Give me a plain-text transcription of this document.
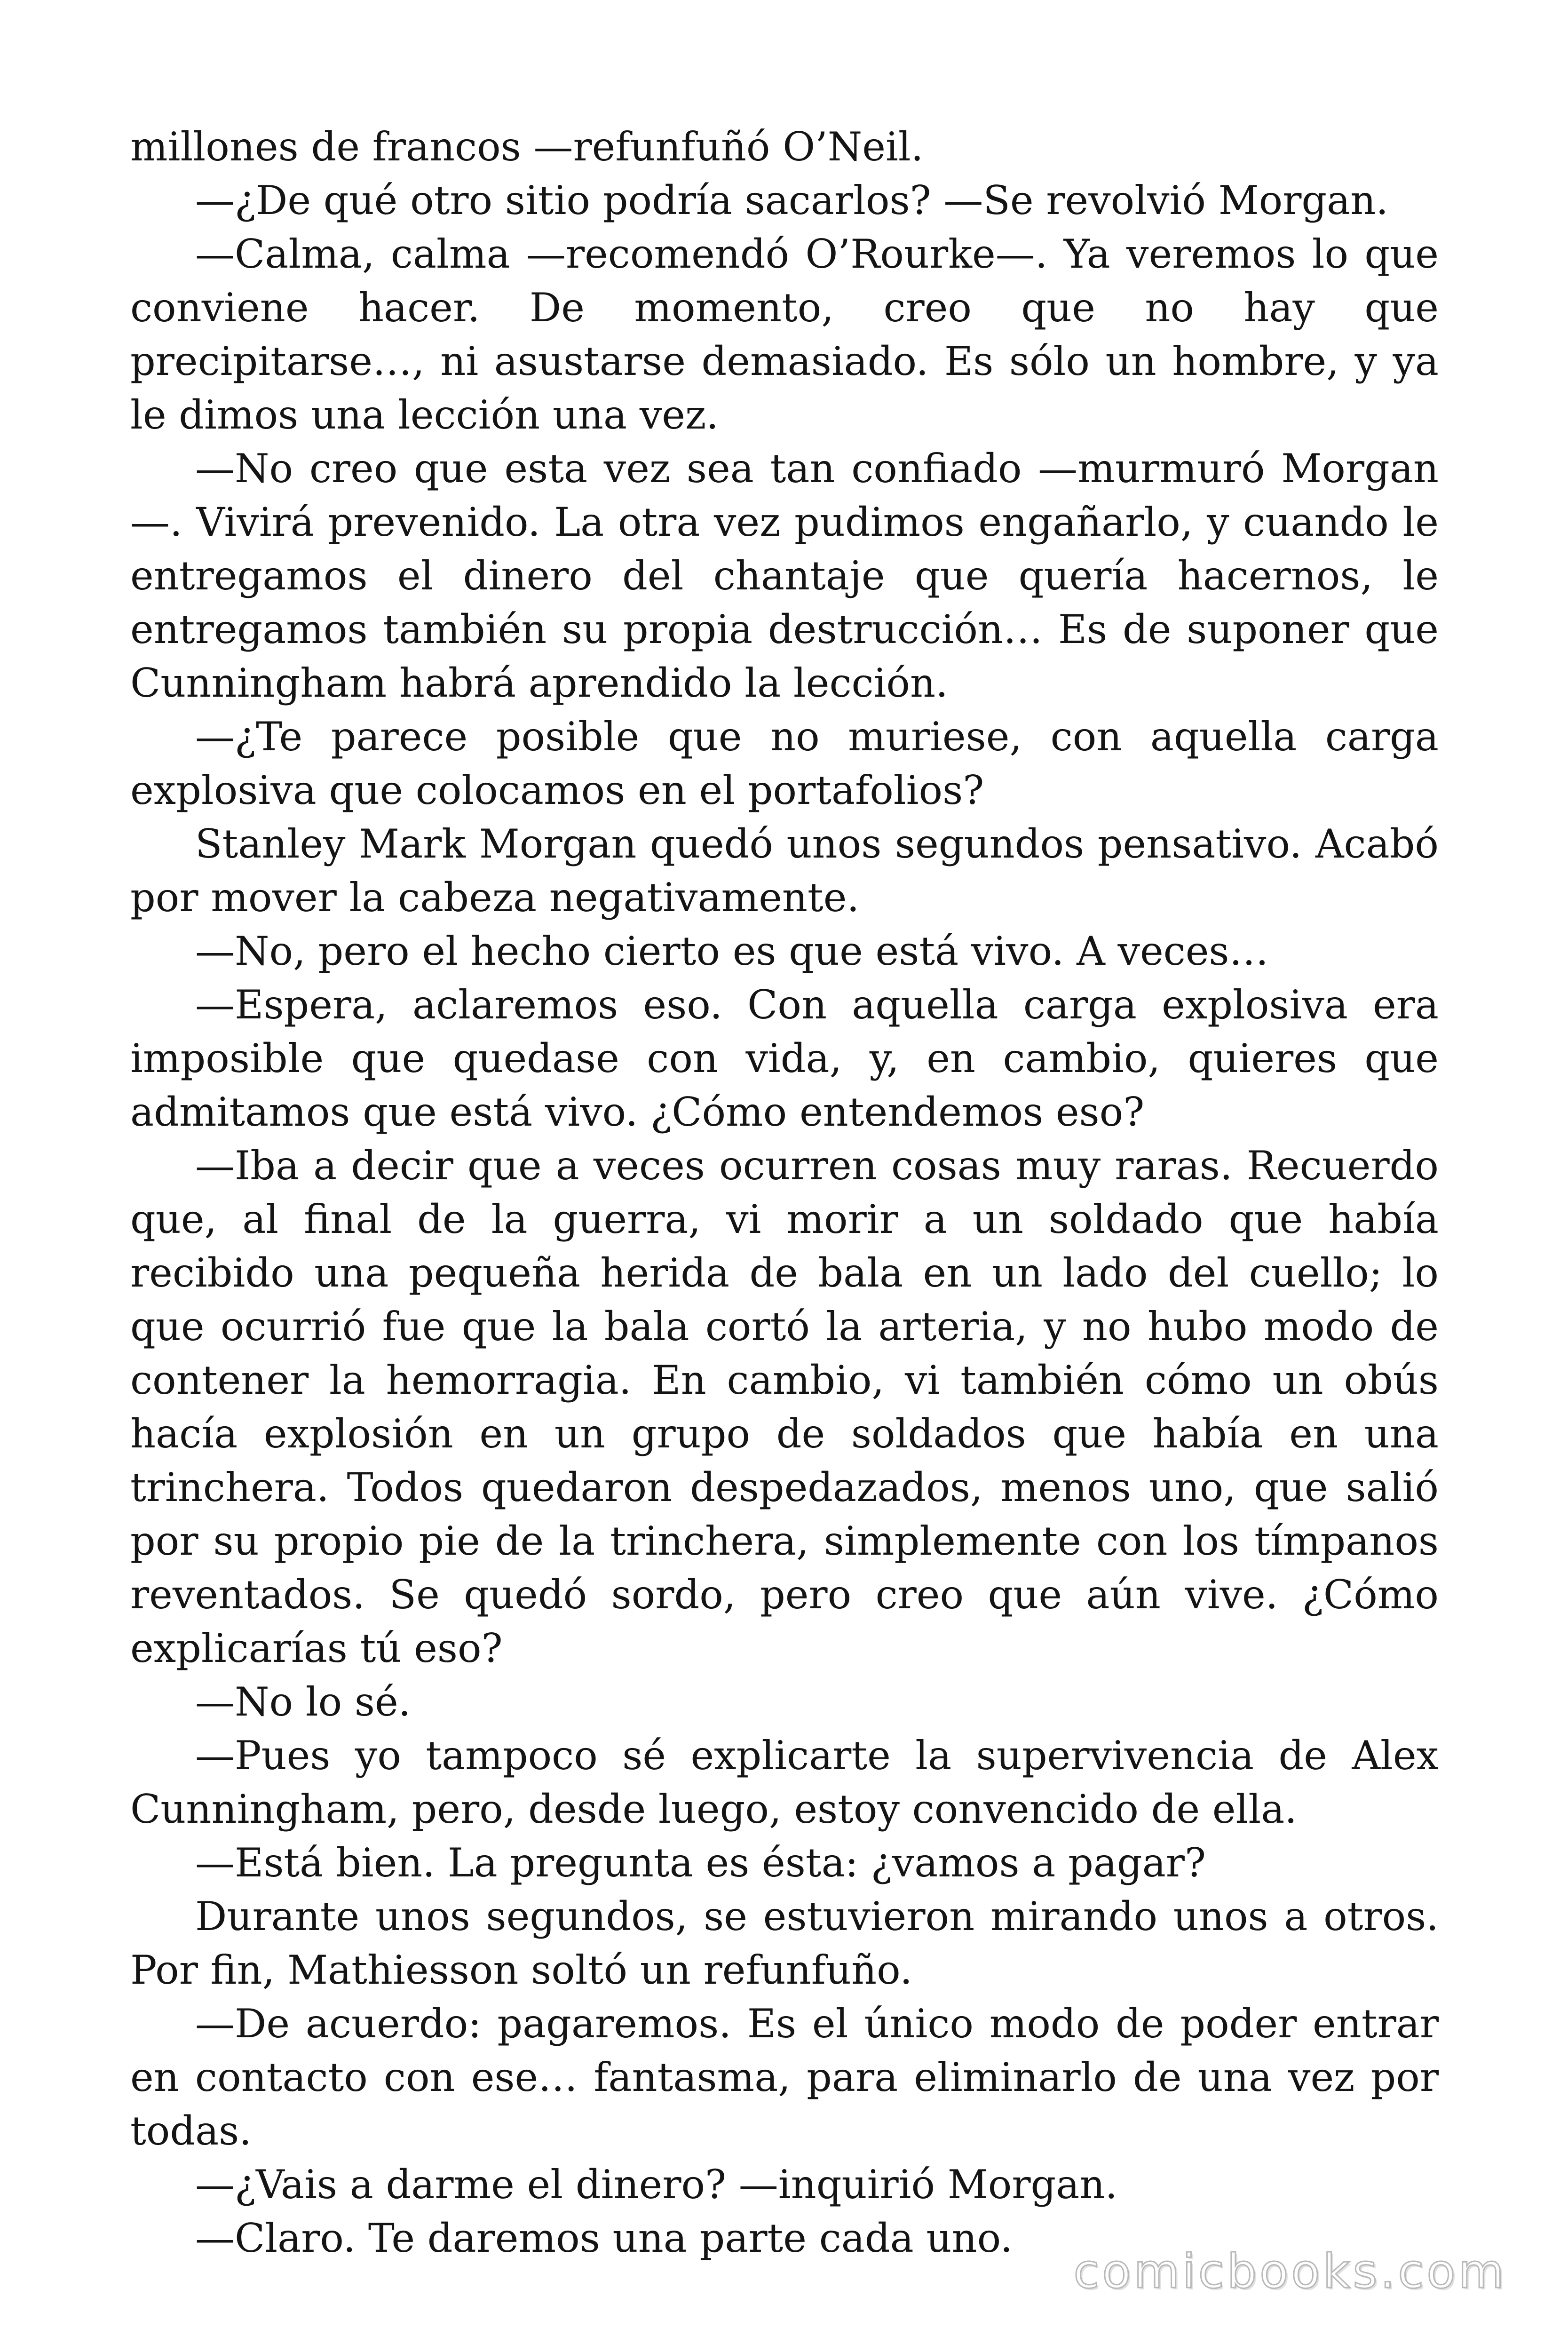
millones de francos —refunfuñó O’Neil.

—¿De qué otro sitio podría sacarlos? —Se revolvió Morgan.

—Calma, calma —recomendó O’Rourke—. Ya veremos lo que conviene hacer. De momento, creo que no hay que precipitarse…, ni asustarse demasiado. Es sólo un hombre, y ya le dimos una lección una vez.

—No creo que esta vez sea tan confiado —murmuró Morgan—. Vivirá prevenido. La otra vez pudimos engañarlo, y cuando le entregamos el dinero del chantaje que quería hacernos, le entregamos también su propia destrucción… Es de suponer que Cunningham habrá aprendido la lección.

—¿Te parece posible que no muriese, con aquella carga explosiva que colocamos en el portafolios?

Stanley Mark Morgan quedó unos segundos pensativo. Acabó por mover la cabeza negativamente.

—No, pero el hecho cierto es que está vivo. A veces…

—Espera, aclaremos eso. Con aquella carga explosiva era imposible que quedase con vida, y, en cambio, quieres que admitamos que está vivo. ¿Cómo entendemos eso?

—Iba a decir que a veces ocurren cosas muy raras. Recuerdo que, al final de la guerra, vi morir a un soldado que había recibido una pequeña herida de bala en un lado del cuello; lo que ocurrió fue que la bala cortó la arteria, y no hubo modo de contener la hemorragia. En cambio, vi también cómo un obús hacía explosión en un grupo de soldados que había en una trinchera. Todos quedaron despedazados, menos uno, que salió por su propio pie de la trinchera, simplemente con los tímpanos reventados. Se quedó sordo, pero creo que aún vive. ¿Cómo explicarías tú eso?

—No lo sé.

—Pues yo tampoco sé explicarte la supervivencia de Alex Cunningham, pero, desde luego, estoy convencido de ella.

—Está bien. La pregunta es ésta: ¿vamos a pagar?

Durante unos segundos, se estuvieron mirando unos a otros. Por fin, Mathiesson soltó un refunfuño.

—De acuerdo: pagaremos. Es el único modo de poder entrar en contacto con ese… fantasma, para eliminarlo de una vez por todas.

—¿Vais a darme el dinero? —inquirió Morgan.

—Claro. Te daremos una parte cada uno.

comicbooks.com
